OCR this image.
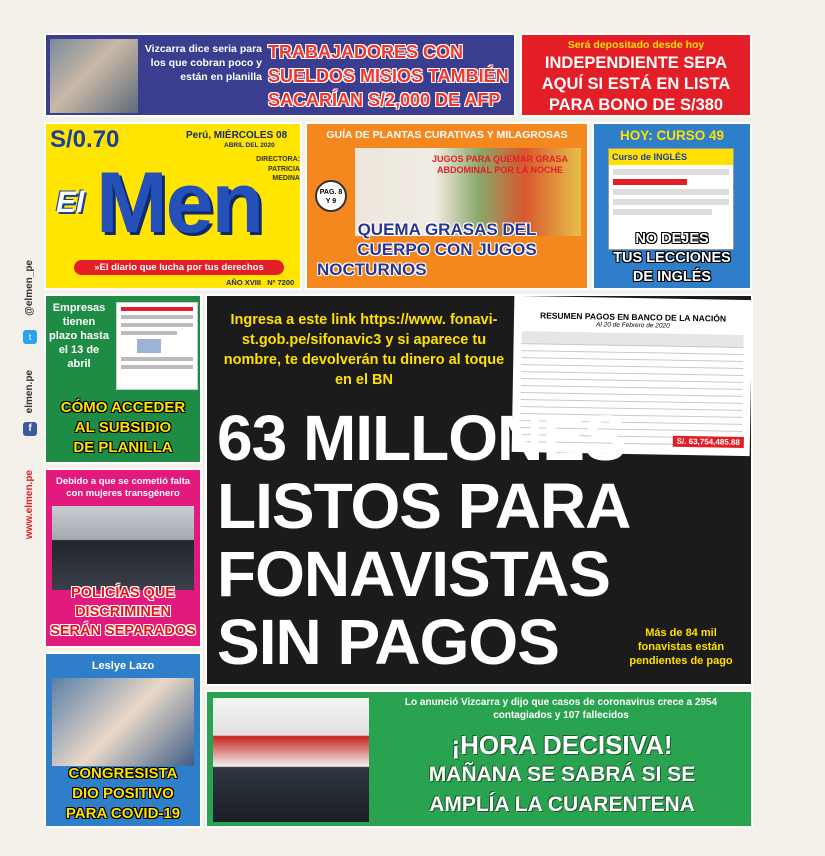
Vizcarra dice seria para los que cobran poco y están en planilla
TRABAJADORES CON
SUELDOS MISIOS TAMBIÉN
SACARÍAN S/2,000 DE AFP
Será depositado desde hoy
INDEPENDIENTE SEPA
AQUÍ SI ESTÁ EN LISTA
PARA BONO DE S/380
S/0.70	Perú, MIÉRCOLES 08
ABRIL DEL 2020
DIRECTORA:
PATRICIA MEDINA
El Men
»El diario que lucha por tus derechos
AÑO XVIII   Nº 7200
GUÍA DE PLANTAS CURATIVAS Y MILAGROSAS
JUGOS PARA QUEMAR GRASA ABDOMINAL POR LA NOCHE
PAG. 8 Y 9
QUEMA GRASAS DEL
CUERPO CON JUGOS
NOCTURNOS
HOY: CURSO 49
Curso de INGLÉS
NO DEJES
TUS LECCIONES
DE INGLÉS
@elmen_pe
t
elmen.pe
f
www.elmen.pe
Empresas tienen plazo hasta el 13 de abril
CÓMO ACCEDER
AL SUBSIDIO
DE PLANILLA
Debido a que se cometió falta con mujeres transgénero
POLICÍAS QUE
DISCRIMINEN
SERÁN SEPARADOS
Leslye Lazo
CONGRESISTA
DIO POSITIVO
PARA COVID-19
Ingresa a este link https://www. fonavi-st.gob.pe/sifonavic3 y si aparece tu nombre, te devolverán tu dinero al toque en el BN
RESUMEN PAGOS EN BANCO DE LA NACIÓN
Al 20 de Febrero de 2020
S/. 63,754,485.88
63 MILLONES
LISTOS PARA
FONAVISTAS
SIN PAGOS	Más de 84 mil fonavistas están pendientes de pago
Lo anunció Vizcarra y dijo que casos de coronavirus crece a 2954 contagiados y 107 fallecidos
¡HORA DECISIVA!
MAÑANA SE SABRÁ SI SE
AMPLÍA LA CUARENTENA
